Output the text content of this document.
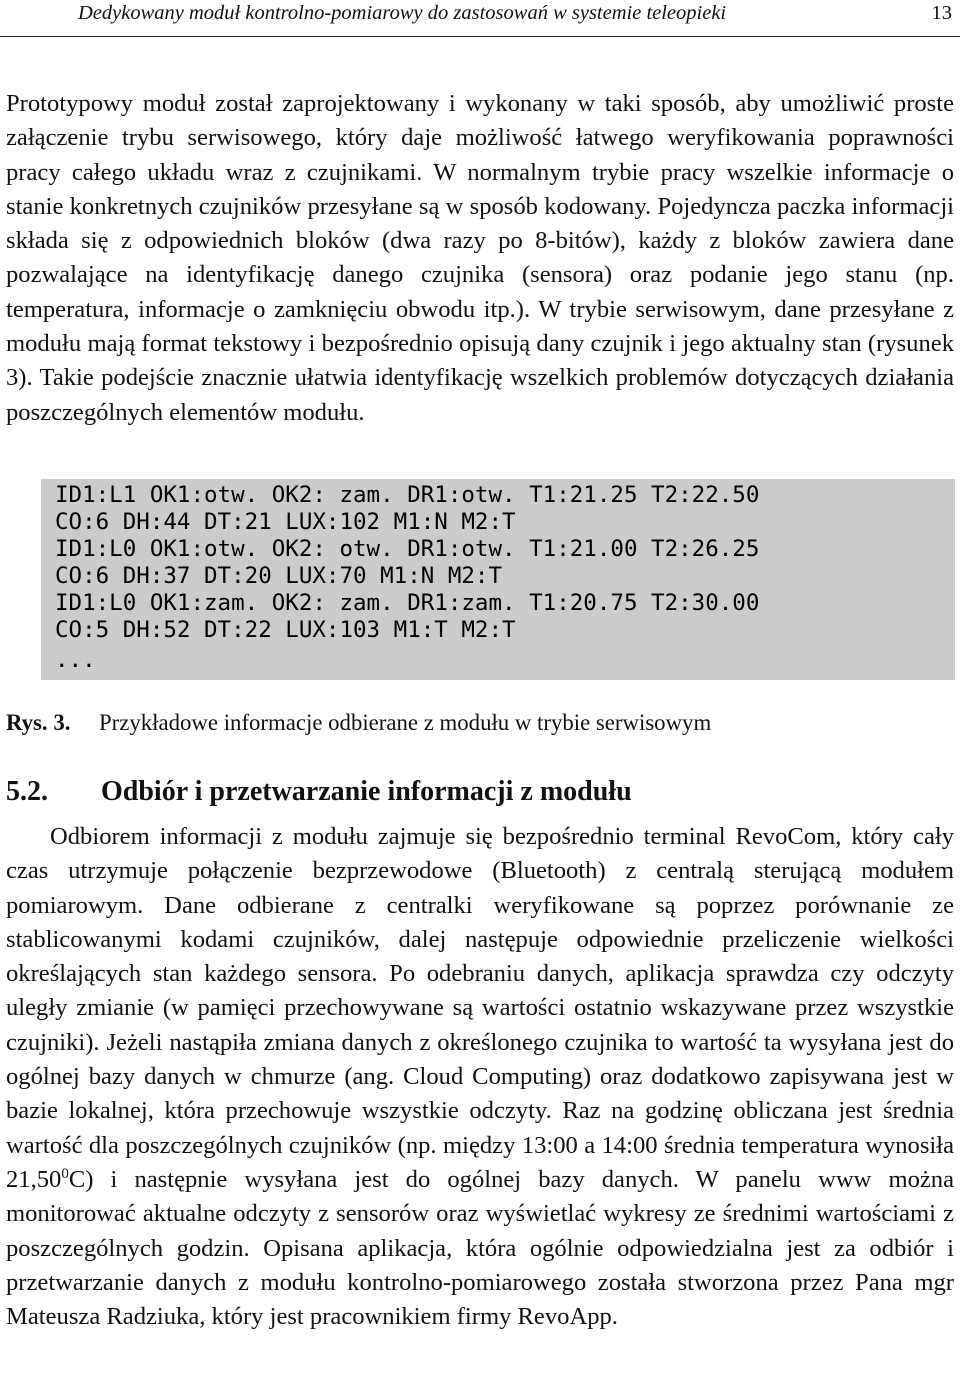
Dedykowany moduł kontrolno-pomiarowy do zastosowań w systemie teleopieki	13

Prototypowy moduł został zaprojektowany i wykonany w taki sposób, aby umożliwić proste załączenie trybu serwisowego, który daje możliwość łatwego weryfikowania poprawności pracy całego układu wraz z czujnikami. W normalnym trybie pracy wszelkie informacje o stanie konkretnych czujników przesyłane są w sposób kodowany. Pojedyncza paczka informacji składa się z odpowiednich bloków (dwa razy po 8-bitów), każdy z bloków zawiera dane pozwalające na identyfikację danego czujnika (sensora) oraz podanie jego stanu (np. temperatura, informacje o zamknięciu obwodu itp.). W trybie serwisowym, dane przesyłane z modułu mają format tekstowy i bezpośrednio opisują dany czujnik i jego aktualny stan (rysunek 3). Takie podejście znacznie ułatwia identyfikację wszelkich problemów dotyczących działania poszczególnych elementów modułu.

ID1:L1 OK1:otw. OK2: zam. DR1:otw. T1:21.25 T2:22.50
CO:6 DH:44 DT:21 LUX:102 M1:N M2:T
ID1:L0 OK1:otw. OK2: otw. DR1:otw. T1:21.00 T2:26.25
CO:6 DH:37 DT:20 LUX:70 M1:N M2:T
ID1:L0 OK1:zam. OK2: zam. DR1:zam. T1:20.75 T2:30.00
CO:5 DH:52 DT:22 LUX:103 M1:T M2:T
...
Rys. 3. Przykładowe informacje odbierane z modułu w trybie serwisowym
5.2. Odbiór i przetwarzanie informacji z modułu

Odbiorem informacji z modułu zajmuje się bezpośrednio terminal RevoCom, który cały czas utrzymuje połączenie bezprzewodowe (Bluetooth) z centralą sterującą modułem pomiarowym. Dane odbierane z centralki weryfikowane są poprzez porównanie ze stablicowanymi kodami czujników, dalej następuje odpowiednie przeliczenie wielkości określających stan każdego sensora. Po odebraniu danych, aplikacja sprawdza czy odczyty uległy zmianie (w pamięci przechowywane są wartości ostatnio wskazywane przez wszystkie czujniki). Jeżeli nastąpiła zmiana danych z określonego czujnika to wartość ta wysyłana jest do ogólnej bazy danych w chmurze (ang. Cloud Computing) oraz dodatkowo zapisywana jest w bazie lokalnej, która przechowuje wszystkie odczyty. Raz na godzinę obliczana jest średnia wartość dla poszczególnych czujników (np. między 13:00 a 14:00 średnia temperatura wynosiła 21,50$^0$C) i następnie wysyłana jest do ogólnej bazy danych. W panelu www można monitorować aktualne odczyty z sensorów oraz wyświetlać wykresy ze średnimi wartościami z poszczególnych godzin. Opisana aplikacja, która ogólnie odpowiedzialna jest za odbiór i przetwarzanie danych z modułu kontrolno-pomiarowego została stworzona przez Pana mgr Mateusza Radziuka, który jest pracownikiem firmy RevoApp.
